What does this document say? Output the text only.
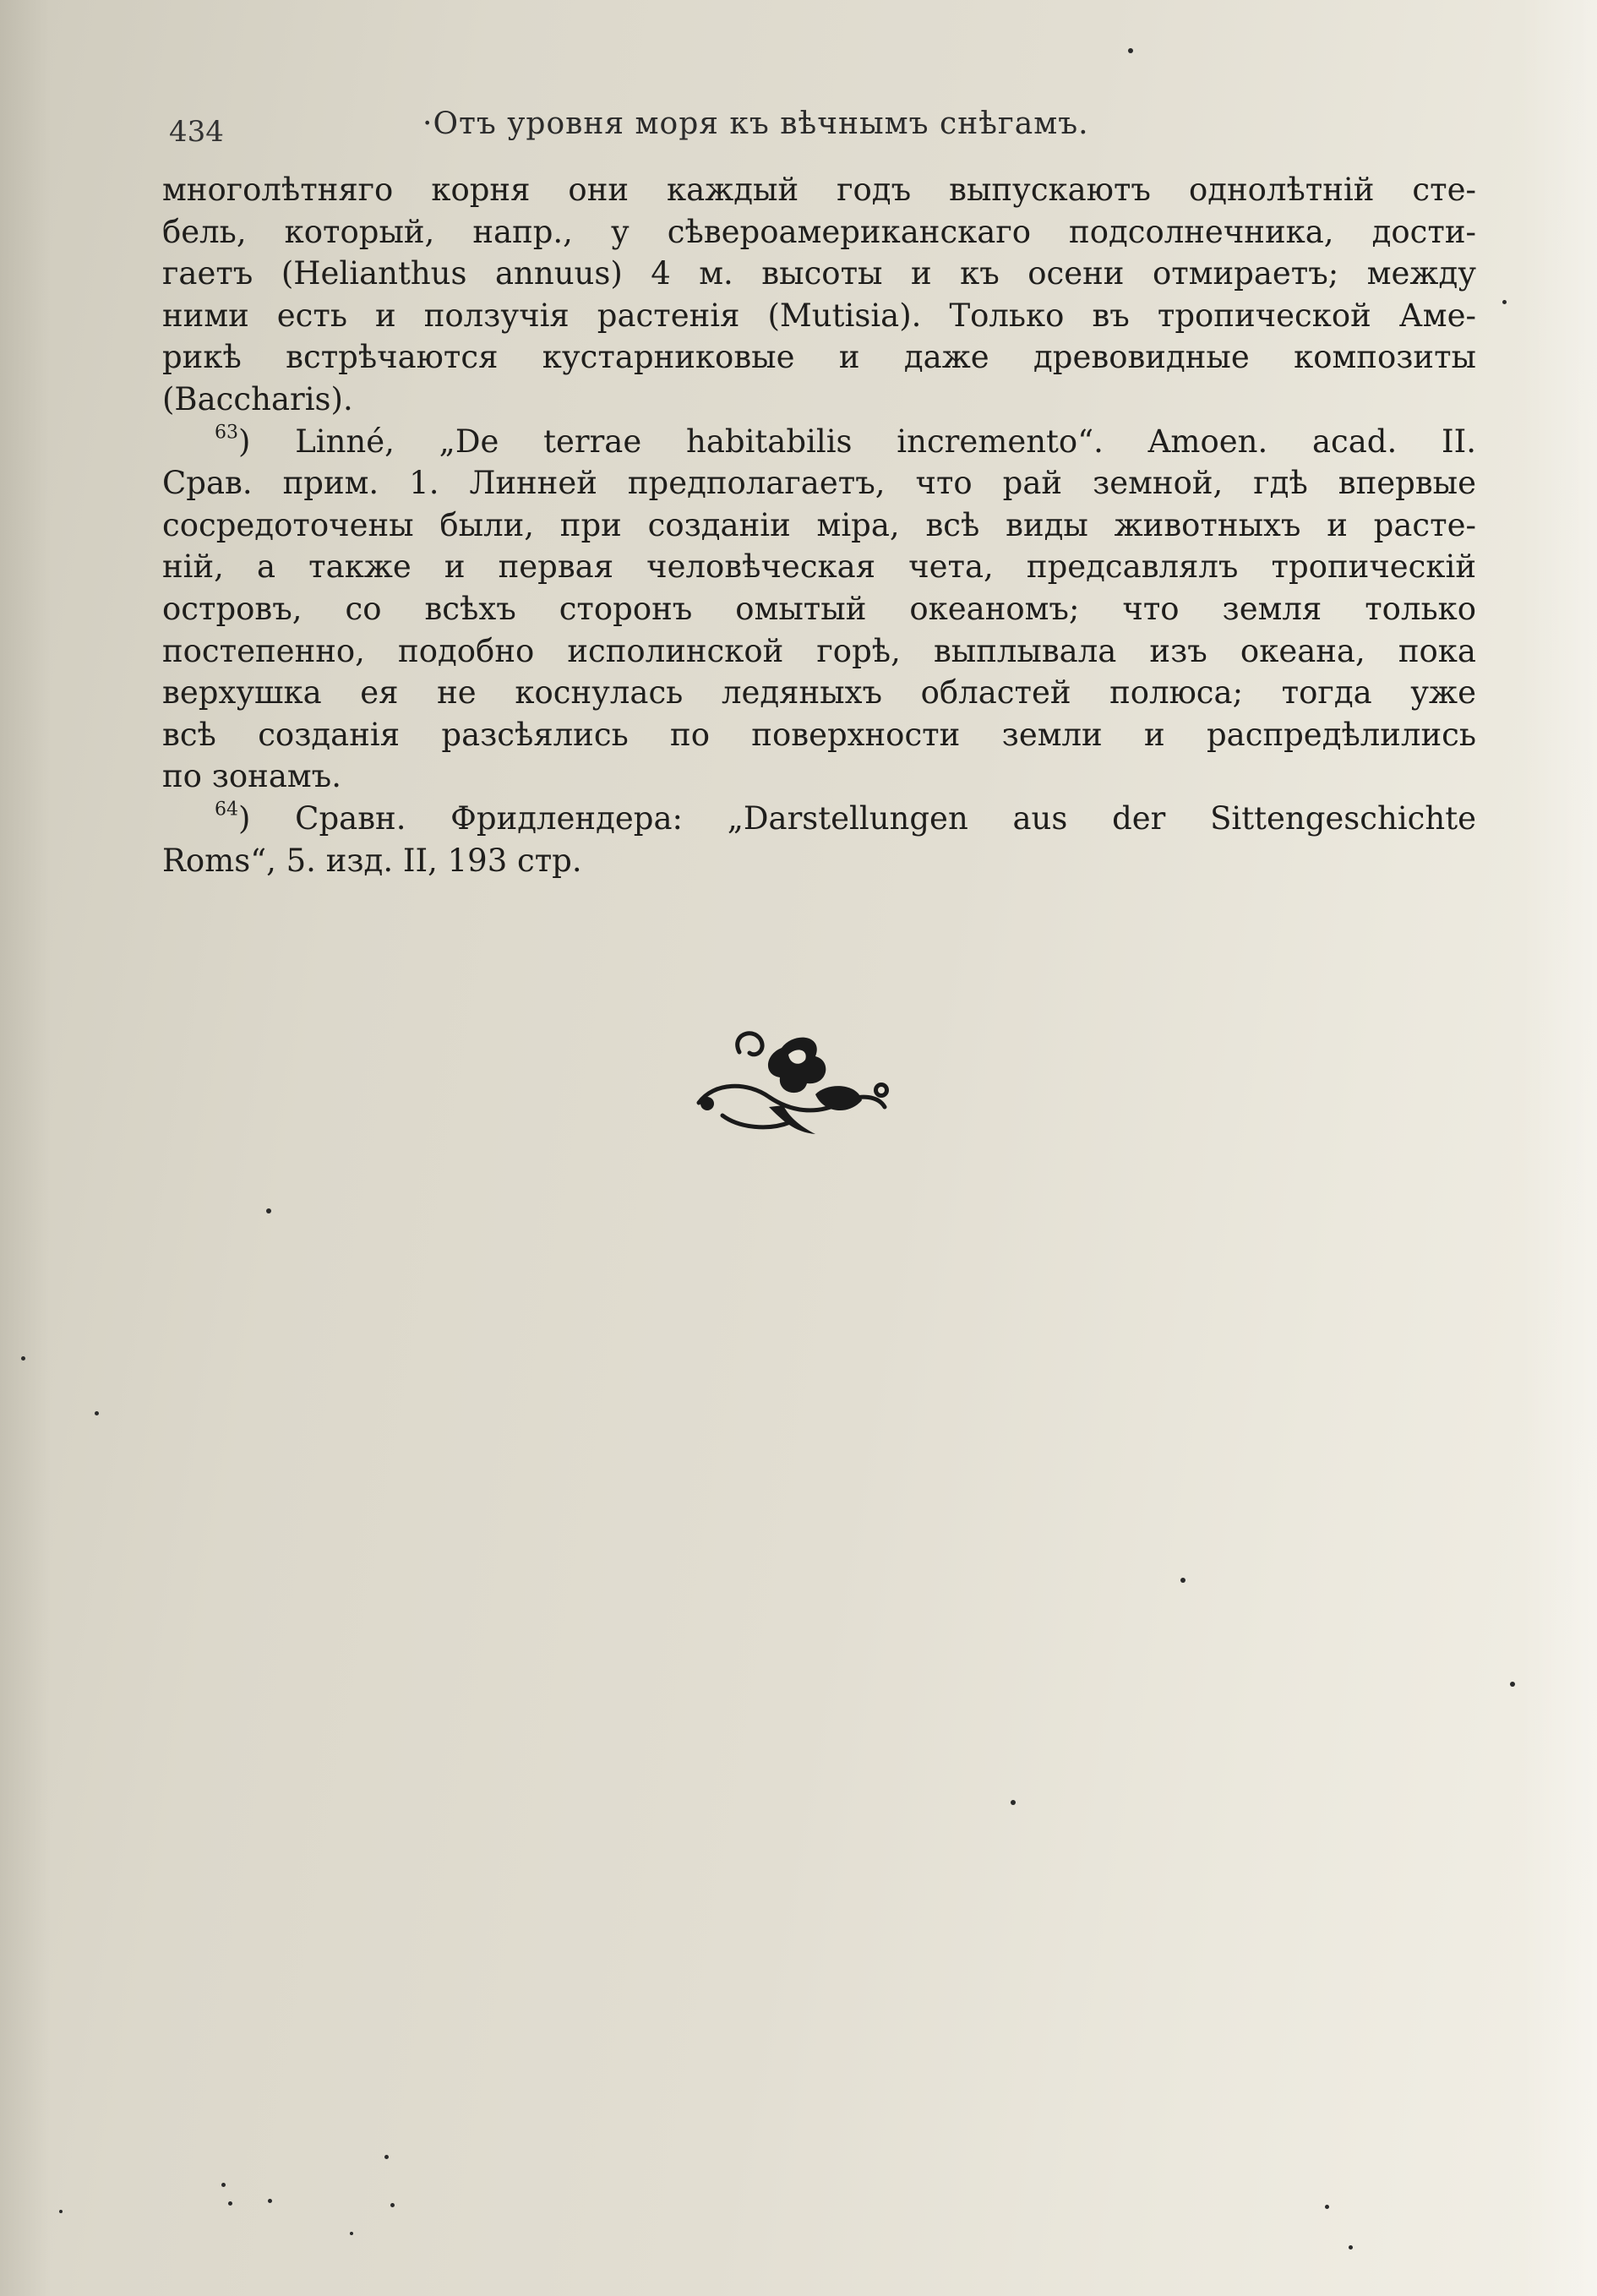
434	·Отъ уровня моря къ вѣчнымъ снѣгамъ.
многолѣтняго корня они каждый годъ выпускаютъ однолѣтній сте-
бель, который, напр., у сѣвероамериканскаго подсолнечника, дости-
гаетъ (Helianthus annuus) 4 м. высоты и къ осени отмираетъ; между
ними есть и ползучія растенія (Mutisia). Только въ тропической Аме-
рикѣ встрѣчаются кустарниковые и даже древовидные композиты
(Baccharis).
$^{63}$) Linné, „De terrae habitabilis incremento“. Amoen. acad. II.
Срав. прим. 1. Линней предполагаетъ, что рай земной, гдѣ впервые
сосредоточены были, при созданіи міра, всѣ виды животныхъ и расте-
ній, а также и первая человѣческая чета, предсавлялъ тропическій
островъ, со всѣхъ сторонъ омытый океаномъ; что земля только
постепенно, подобно исполинской горѣ, выплывала изъ океана, пока
верхушка ея не коснулась ледяныхъ областей полюса; тогда уже
всѣ созданія разсѣялись по поверхности земли и распредѣлились
по зонамъ.
$^{64}$) Сравн. Фридлендера: „Darstellungen aus der Sittengeschichte
Roms“, 5. изд. II, 193 стр.
